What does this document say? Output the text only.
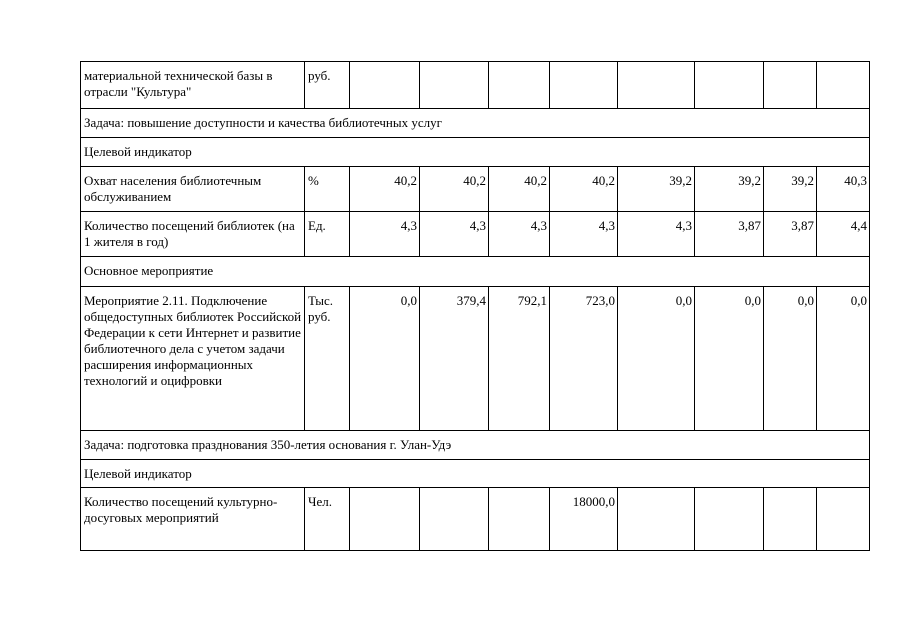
материальной технической базы в отрасли "Культура"	руб.								
Задача: повышение доступности и качества библиотечных услуг									
Целевой индикатор									
Охват населения библиотечным обслуживанием	%	40,2	40,2	40,2	40,2	39,2	39,2	39,2	40,3
Количество посещений библиотек (на 1 жителя в год)	Ед.	4,3	4,3	4,3	4,3	4,3	3,87	3,87	4,4
Основное мероприятие									
Мероприятие 2.11. Подключение общедоступных библиотек Российской Федерации к сети Интернет и развитие библиотечного дела с учетом задачи расширения информационных технологий и оцифровки	Тыс. руб.	0,0	379,4	792,1	723,0	0,0	0,0	0,0	0,0
Задача: подготовка празднования 350-летия основания г. Улан-Удэ									
Целевой индикатор									
Количество посещений культурно-досуговых мероприятий	Чел.				18000,0				
